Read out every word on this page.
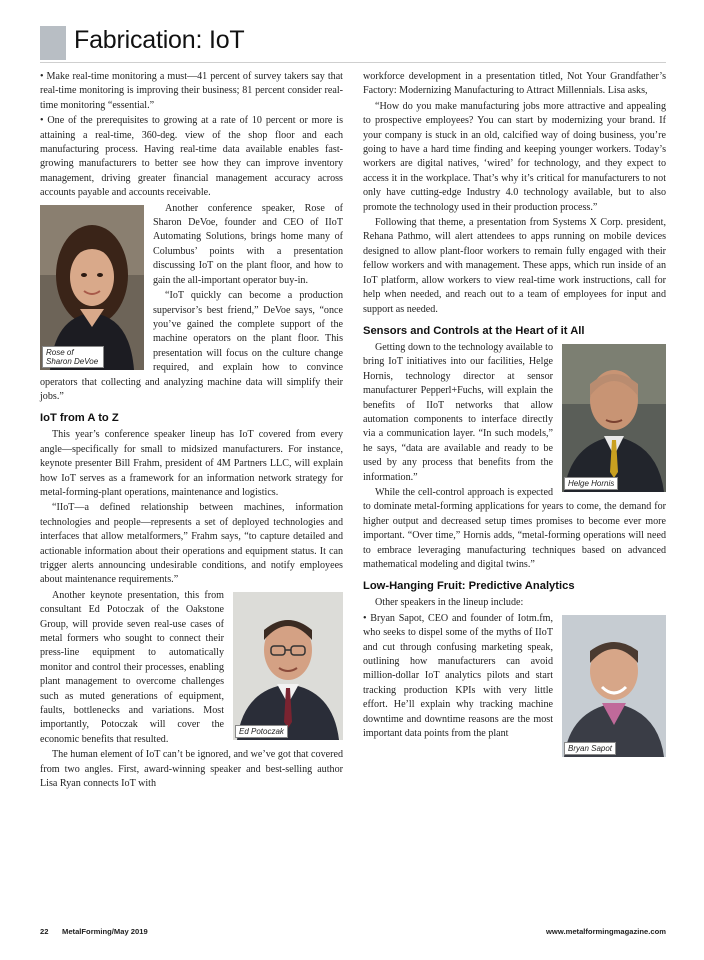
Fabrication: IoT

• Make real-time monitoring a must—41 percent of survey takers say that real-time monitoring is improving their business; 81 percent consider real-time monitoring “essential.”

• One of the prerequisites to growing at a rate of 10 percent or more is attaining a real-time, 360-deg. view of the shop floor and each manufacturing process. Having real-time data available enables fast-growing manufacturers to better see how they can improve inventory management, driving greater financial management accuracy across accounts payable and accounts receivable.

Rose of Sharon DeVoe

Another conference speaker, Rose of Sharon DeVoe, founder and CEO of IIoT Automating Solutions, brings home many of Columbus’ points with a presentation discussing IoT on the plant floor, and how to gain the all-important operator buy-in.

“IoT quickly can become a production supervisor’s best friend,” DeVoe says, “once you’ve gained the complete support of the machine operators on the plant floor. This presentation will focus on the culture change required, and explain how to convince operators that collecting and analyzing machine data will simplify their jobs.”

IoT from A to Z

This year’s conference speaker lineup has IoT covered from every angle—specifically for small to midsized manufacturers. For instance, keynote presenter Bill Frahm, president of 4M Partners LLC, will explain how IoT serves as a framework for an information network strategy for metal-forming-plant operations, maintenance and logistics.

“IIoT—a defined relationship between machines, information technologies and people—represents a set of deployed technologies and interfaces that allow metalformers,” Frahm says, “to capture detailed and actionable information about their operations and equipment status. It can trigger alerts announcing undesirable conditions, and notify employees about maintenance requirements.”

Ed Potoczak

Another keynote presentation, this from consultant Ed Potoczak of the Oakstone Group, will provide seven real-use cases of metal formers who sought to connect their press-line equipment to automatically monitor and control their processes, enabling plant management to overcome challenges such as muted generations of equipment, faults, bottlenecks and variations. Most importantly, Potoczak will cover the economic benefits that resulted.

The human element of IoT can’t be ignored, and we’ve got that covered from two angles. First, award-winning speaker and best-selling author Lisa Ryan connects IoT with

workforce development in a presentation titled, Not Your Grandfather’s Factory: Modernizing Manufacturing to Attract Millennials. Lisa asks,

“How do you make manufacturing jobs more attractive and appealing to prospective employees? You can start by modernizing your brand. If your company is stuck in an old, calcified way of doing business, you’re going to have a hard time finding and keeping younger workers. Today’s workers are digital natives, ‘wired’ for technology, and they expect to access it in the workplace. That’s why it’s critical for manufacturers to not only have cutting-edge Industry 4.0 technology available, but to also promote the technology used in their production process.”

Following that theme, a presentation from Systems X Corp. president, Rehana Pathmo, will alert attendees to apps running on mobile devices designed to allow plant-floor workers to remain fully engaged with their fellow workers and with management. These apps, which run inside of an IoT platform, allow workers to view real-time work instructions, call for help when needed, and reach out to a team of employees for input and support as needed.

Sensors and Controls at the Heart of it All
Helge Hornis

Getting down to the technology available to bring IoT initiatives into our facilities, Helge Hornis, technology director at sensor manufacturer Pepperl+Fuchs, will explain the benefits of IIoT networks that allow automation components to interface directly via a communication layer. “In such models,” he says, “data are available and ready to be used by any process that benefits from the information.”

While the cell-control approach is expected to dominate metal-forming applications for years to come, the demand for higher output and decreased setup times promises to become ever more important. “Over time,” Hornis adds, “metal-forming operations will need to embrace leveraging manufacturing techniques based on advanced mathematical modeling and digital twins.”

Low-Hanging Fruit: Predictive Analytics

Other speakers in the lineup include:

Bryan Sapot

• Bryan Sapot, CEO and founder of Iotm.fm, who seeks to dispel some of the myths of IIoT and cut through confusing marketing speak, outlining how manufacturers can avoid million-dollar IoT analytics pilots and start tracking production KPIs with very little effort. He’ll explain why tracking machine downtime and downtime reasons are the most important data points from the plant

22 MetalForming/May 2019	www.metalformingmagazine.com
